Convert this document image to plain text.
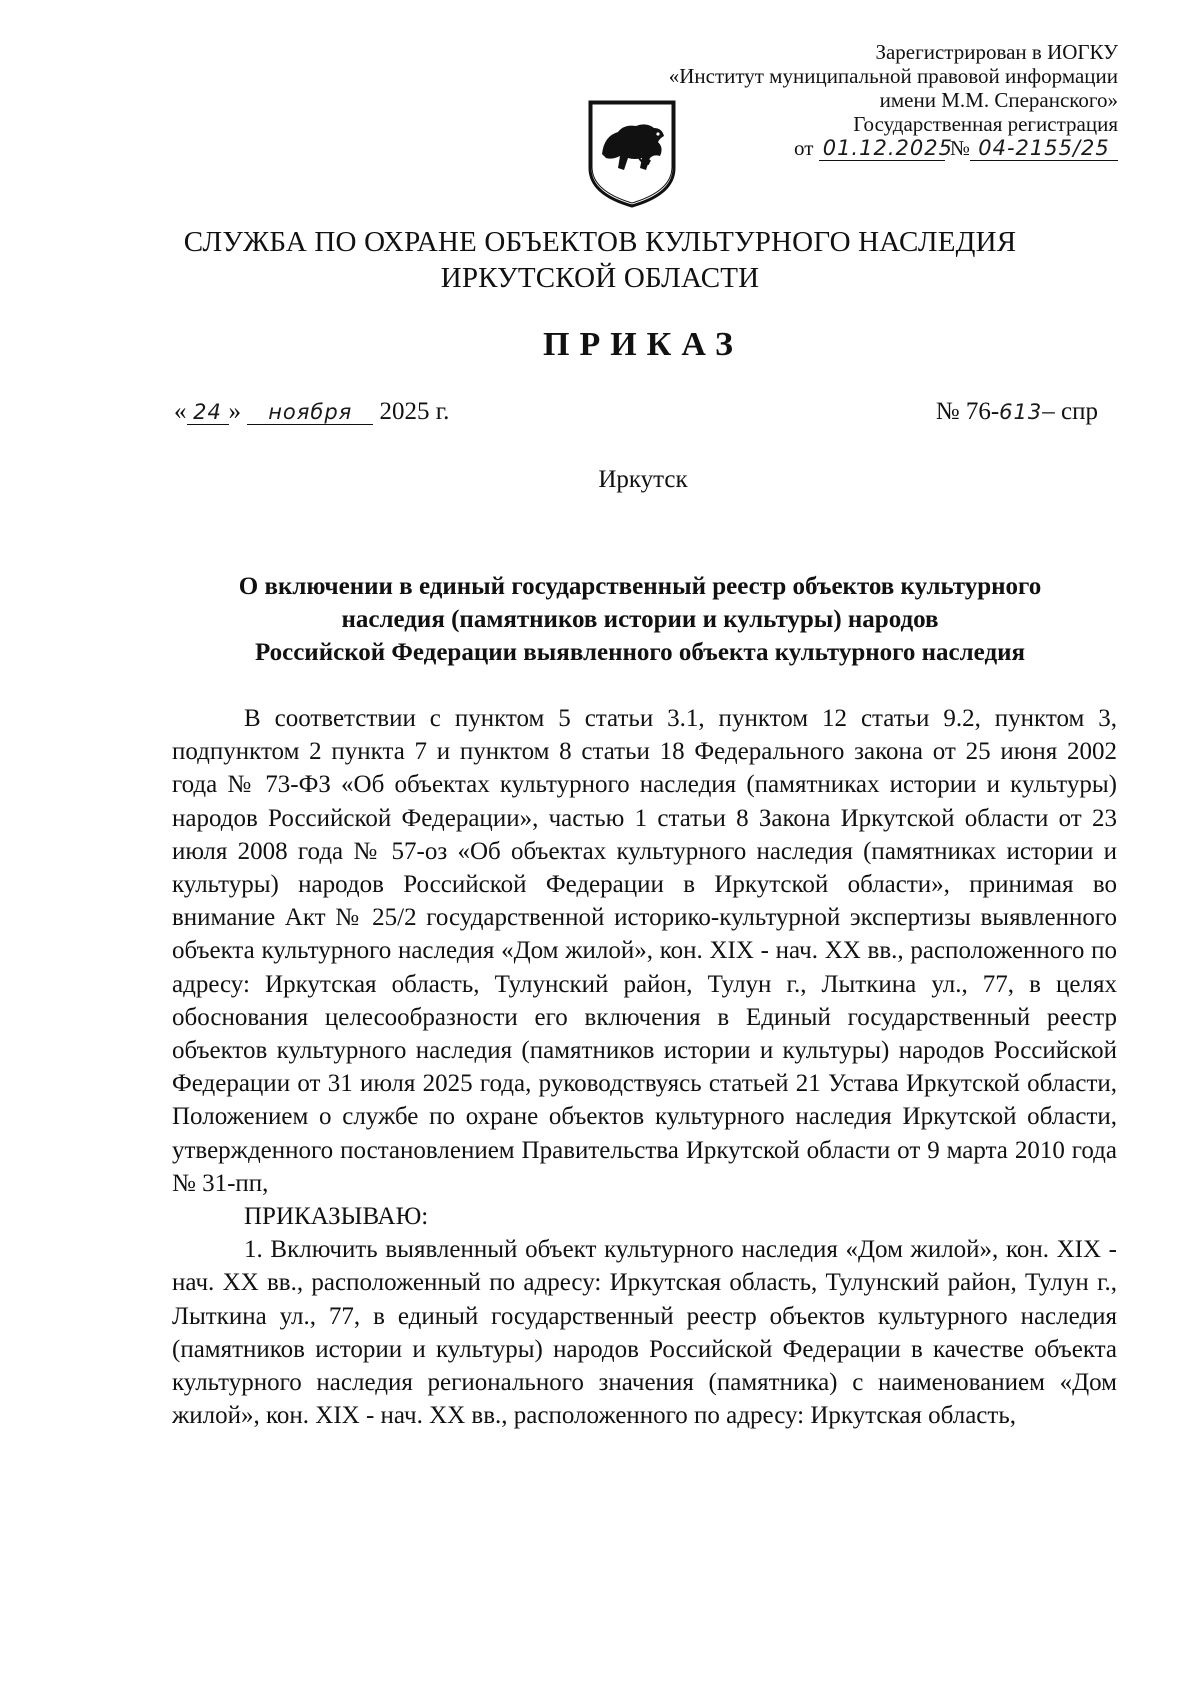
Зарегистрирован в ИОГКУ
«Институт муниципальной правовой информации
имени М.М. Сперанского»
Государственная регистрация
от 01.12.2025 № 04-2155/25
СЛУЖБА ПО ОХРАНЕ ОБЪЕКТОВ КУЛЬТУРНОГО НАСЛЕДИЯ
ИРКУТСКОЙ ОБЛАСТИ
ПРИКАЗ
« 24 » ноября 2025 г.	№ 76-613– спр
Иркутск
О включении в единый государственный реестр объектов культурного
наследия (памятников истории и культуры) народов
Российской Федерации выявленного объекта культурного наследия

В соответствии с пунктом 5 статьи 3.1, пунктом 12 статьи 9.2, пунктом 3, подпунктом 2 пункта 7 и пунктом 8 статьи 18 Федерального закона от 25 июня 2002 года № 73-ФЗ «Об объектах культурного наследия (памятниках истории и культуры) народов Российской Федерации», частью 1 статьи 8 Закона Иркутской области от 23 июля 2008 года № 57-оз «Об объектах культурного наследия (памятниках истории и культуры) народов Российской Федерации в Иркутской области», принимая во внимание Акт № 25/2 государственной историко-культурной экспертизы выявленного объекта культурного наследия «Дом жилой», кон. XIX - нач. XX вв., расположенного по адресу: Иркутская область, Тулунский район, Тулун г., Лыткина ул., 77, в целях обоснования целесообразности его включения в Единый государственный реестр объектов культурного наследия (памятников истории и культуры) народов Российской Федерации от 31 июля 2025 года, руководствуясь статьей 21 Устава Иркутской области, Положением о службе по охране объектов культурного наследия Иркутской области, утвержденного постановлением Правительства Иркутской области от 9 марта 2010 года № 31-пп,

ПРИКАЗЫВАЮ:

1. Включить выявленный объект культурного наследия «Дом жилой», кон. XIX - нач. XX вв., расположенный по адресу: Иркутская область, Тулунский район, Тулун г., Лыткина ул., 77, в единый государственный реестр объектов культурного наследия (памятников истории и культуры) народов Российской Федерации в качестве объекта культурного наследия регионального значения (памятника) с наименованием «Дом жилой», кон. XIX - нач. XX вв., расположенного по адресу: Иркутская область,
